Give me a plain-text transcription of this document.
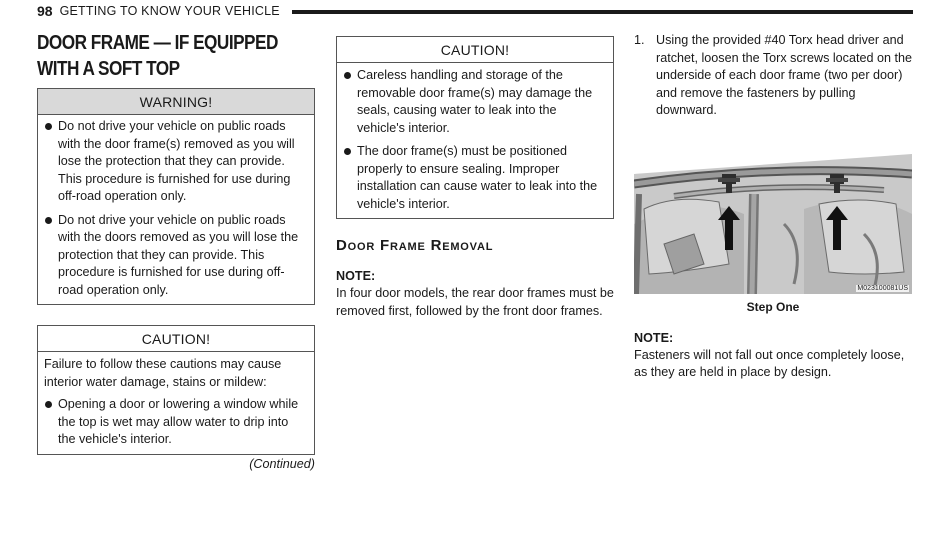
98 GETTING TO KNOW YOUR VEHICLE
DOOR FRAME — IF EQUIPPED WITH A SOFT TOP
WARNING!
Do not drive your vehicle on public roads with the door frame(s) removed as you will lose the protection that they can provide. This procedure is furnished for use during off-road operation only.
Do not drive your vehicle on public roads with the doors removed as you will lose the protection that they can provide. This procedure is furnished for use during off-road operation only.
CAUTION!

Failure to follow these cautions may cause interior water damage, stains or mildew:

Opening a door or lowering a window while the top is wet may allow water to drip into the vehicle's interior.
(Continued)
CAUTION!
Careless handling and storage of the removable door frame(s) may damage the seals, causing water to leak into the vehicle's interior.
The door frame(s) must be positioned properly to ensure sealing. Improper installation can cause water to leak into the vehicle's interior.
Door Frame Removal
NOTE:
In four door models, the rear door frames must be removed first, followed by the front door frames.
1. Using the provided #40 Torx head driver and ratchet, loosen the Torx screws located on the underside of each door frame (two per door) and remove the fasteners by pulling downward.
M023100081US
Step One
NOTE:
Fasteners will not fall out once completely loose, as they are held in place by design.
